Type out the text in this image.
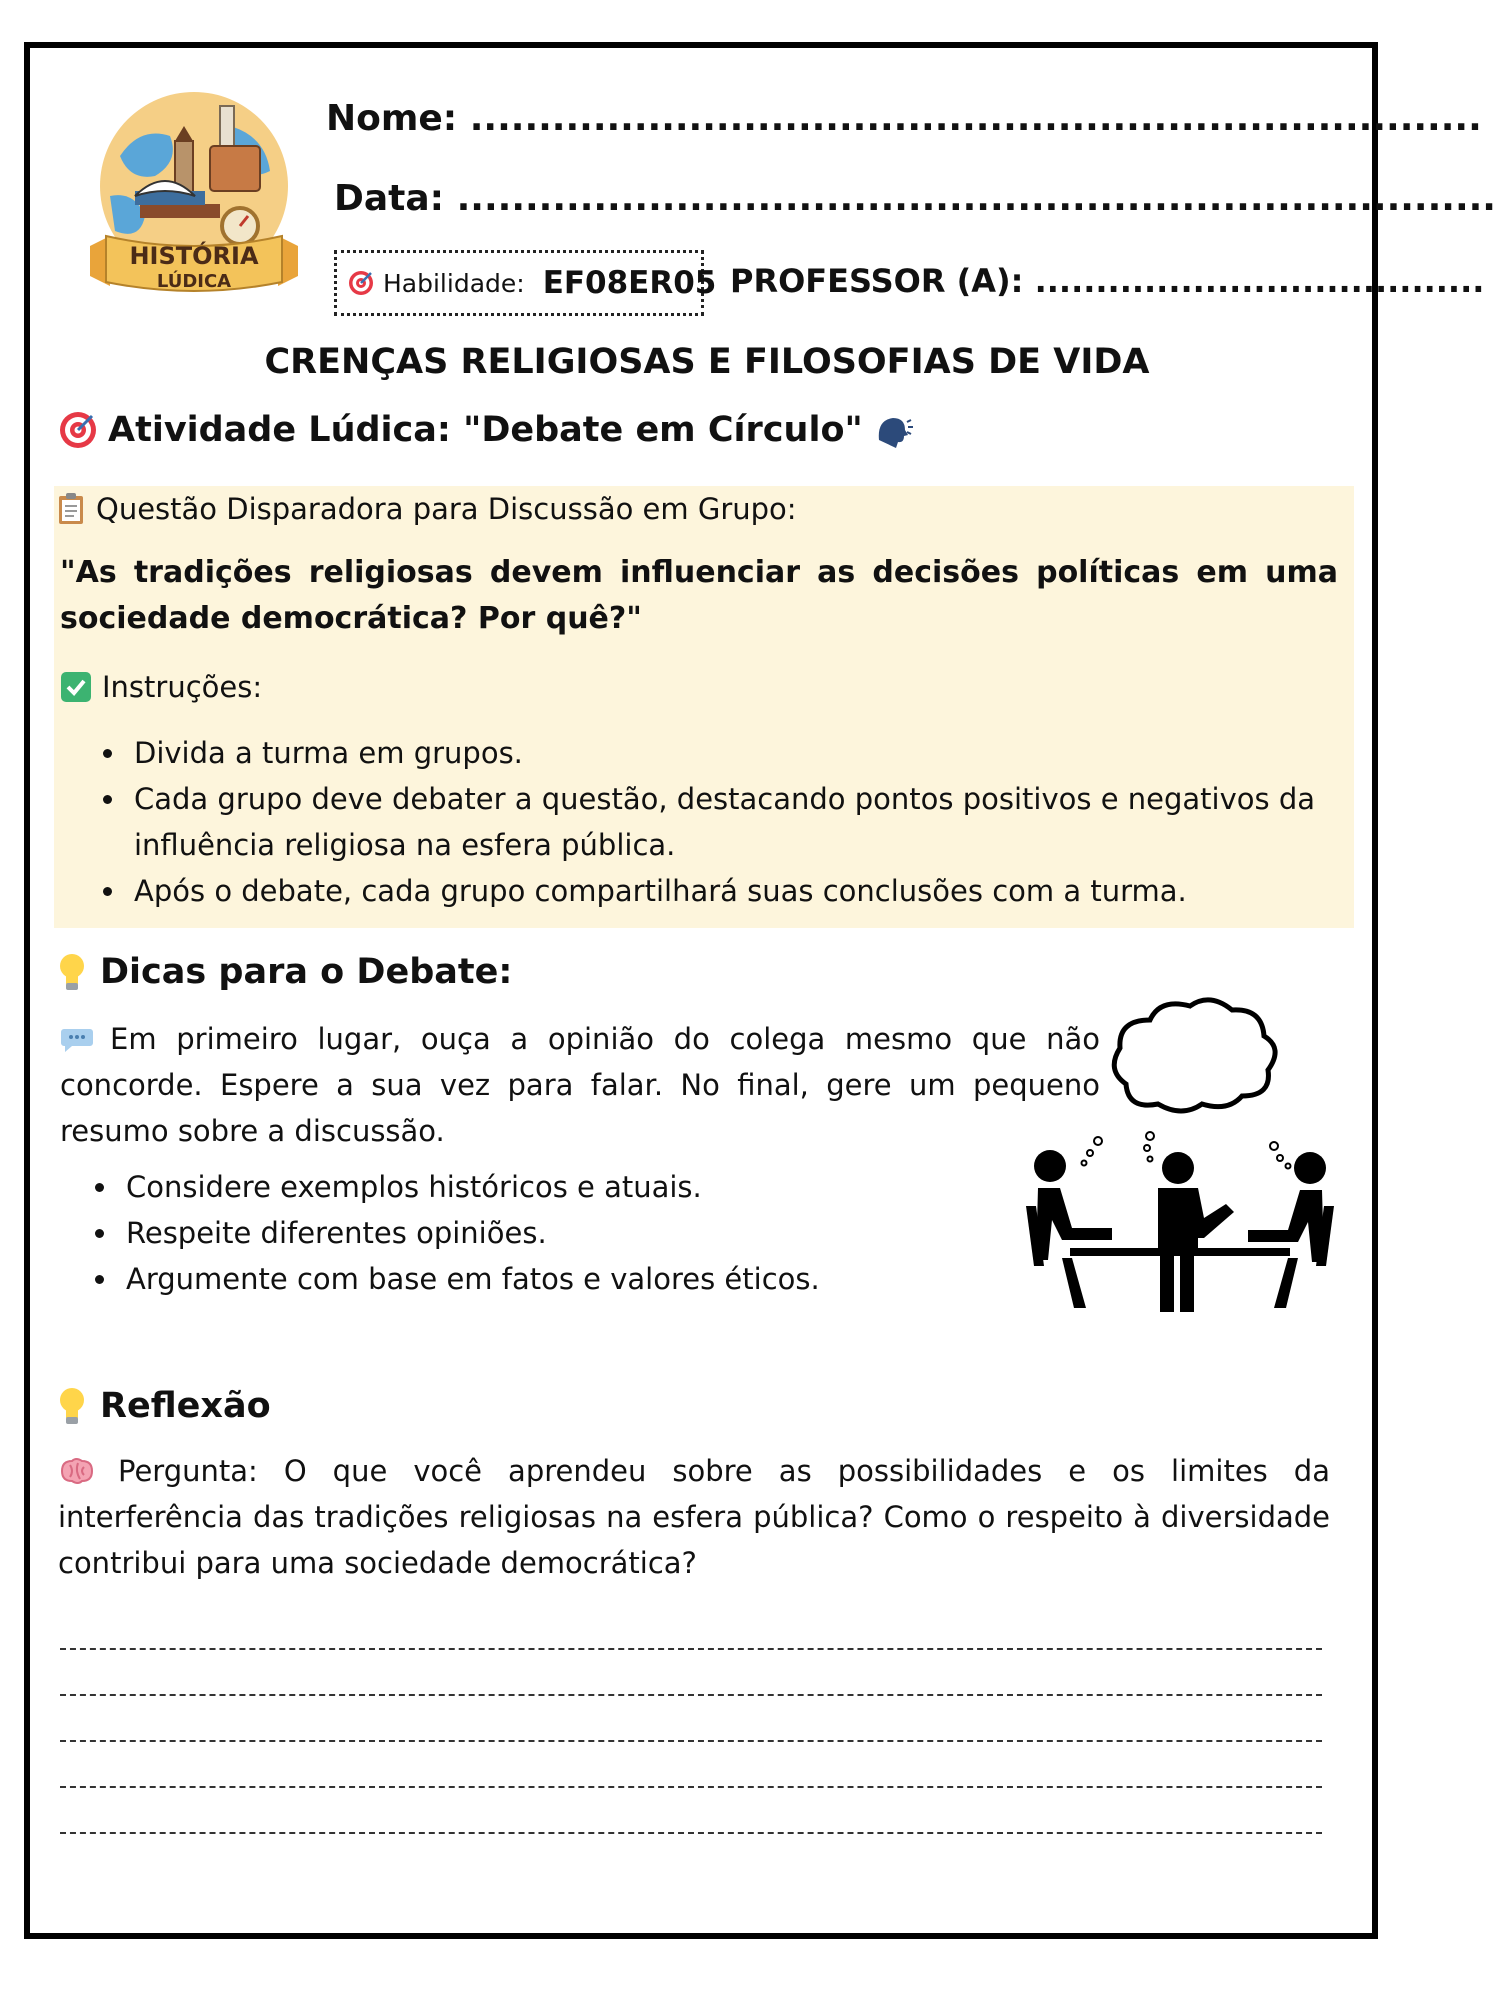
HISTÓRIA
LÚDICA
Nome: ..........................................................................
Data: ............................................................................
Habilidade: EF08ER05 PROFESSOR (A): .....................................
CRENÇAS RELIGIOSAS E FILOSOFIAS DE VIDA
Atividade Lúdica: "Debate em Círculo"
Questão Disparadora para Discussão em Grupo:
"As tradições religiosas devem influenciar as decisões políticas em uma sociedade democrática? Por quê?"
Instruções:
• Divida a turma em grupos.
• Cada grupo deve debater a questão, destacando pontos positivos e negativos da influência religiosa na esfera pública.
• Após o debate, cada grupo compartilhará suas conclusões com a turma.
Dicas para o Debate:
Em primeiro lugar, ouça a opinião do colega mesmo que não concorde. Espere a sua vez para falar. No final, gere um pequeno resumo sobre a discussão.
• Considere exemplos históricos e atuais.
• Respeite diferentes opiniões.
• Argumente com base em fatos e valores éticos.
Reflexão
Pergunta: O que você aprendeu sobre as possibilidades e os limites da interferência das tradições religiosas na esfera pública? Como o respeito à diversidade contribui para uma sociedade democrática?
